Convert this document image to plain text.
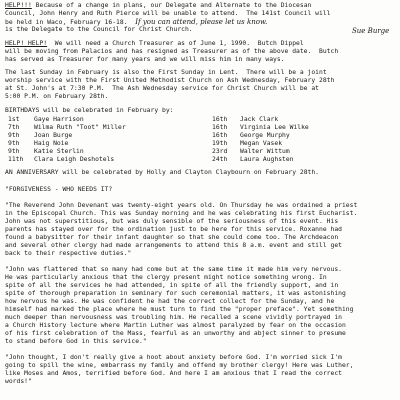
HELP!!! Because of a change in plans, our Delegate and Alternate to the Diocesan
Council, John Henry and Ruth Pierce will be unable to attend.  The 141st Council will
be held in Waco, February 16-18.  If you can attend, please let us know.
Sue Burge
is the Delegate to the Council for Christ Church.
HELP! HELP!  We will need a Church Treasurer as of June 1, 1990.  Butch Dippel
will be moving from Palacios and has resigned as Treasurer as of the above date.  Butch
has served as Treasurer for many years and we will miss him in many ways.
The last Sunday in February is also the First Sunday in Lent.  There will be a joint
worship service with the First United Methodist Church on Ash Wednesday, February 28th
at St. John's at 7:30 P.M.  The Ash Wednesday service for Christ Church will be at
5:00 P.M. on February 28th.
BIRTHDAYS will be celebrated in February by:
1st Gaye Harrison
7th Wilma Ruth "Toot" Miller
9th Joan Burge
9th Haig Noie
9th Katie Sterlin
11th Clara Leigh Deshotels
16th Jack Clark
16th Virginia Lee Wilke
16th George Murphy
19th Megan Vasek
23rd Walter Wittum
24th Laura Aughsten
AN ANNIVERSARY will be celebrated by Holly and Clayton Claybourn on February 28th.
"FORGIVENESS - WHO NEEDS IT?
"The Reverend John Devenant was twenty-eight years old. On Thursday he was ordained a priest
in the Episcopal Church. This was Sunday morning and he was celebrating his first Eucharist.
John was not superstitious, but was duly sensible of the seriousness of this event. His
parents has stayed over for the ordination just to be here for this service. Roxanne had
found a babysitter for their infant daughter so that she could come too. The Archdeacon
and several other clergy had made arrangements to attend this 8 a.m. event and still get
back to their respective duties."
"John was flattered that so many had come but at the same time it made him very nervous.
He was particularly anxious that the clergy present might notice something wrong. In
spite of all the services he had attended, in spite of all the friendly support, and in
spite of thorough preparation in seminary for such ceremonial matters, it was astonishing
how nervous he was. He was confident he had the correct collect for the Sunday, and he
himself had marked the place where he must turn to find the "proper preface". Yet something
much deeper than nervousness was troubling him. He recalled a scene vividly portrayed in
a Church History lecture where Martin Luther was almost paralyzed by fear on the occasion
of his first celebration of the Mass, fearful as an unworthy and abject sinner to presume
to stand before God in this service."
"John thought, I don't really give a hoot about anxiety before God. I'm worried sick I'm
going to spill the wine, embarrass my family and offend my brother clergy! Here was Luther,
like Moses and Amos, terrified before God. And here I am anxious that I read the correct
words!"
